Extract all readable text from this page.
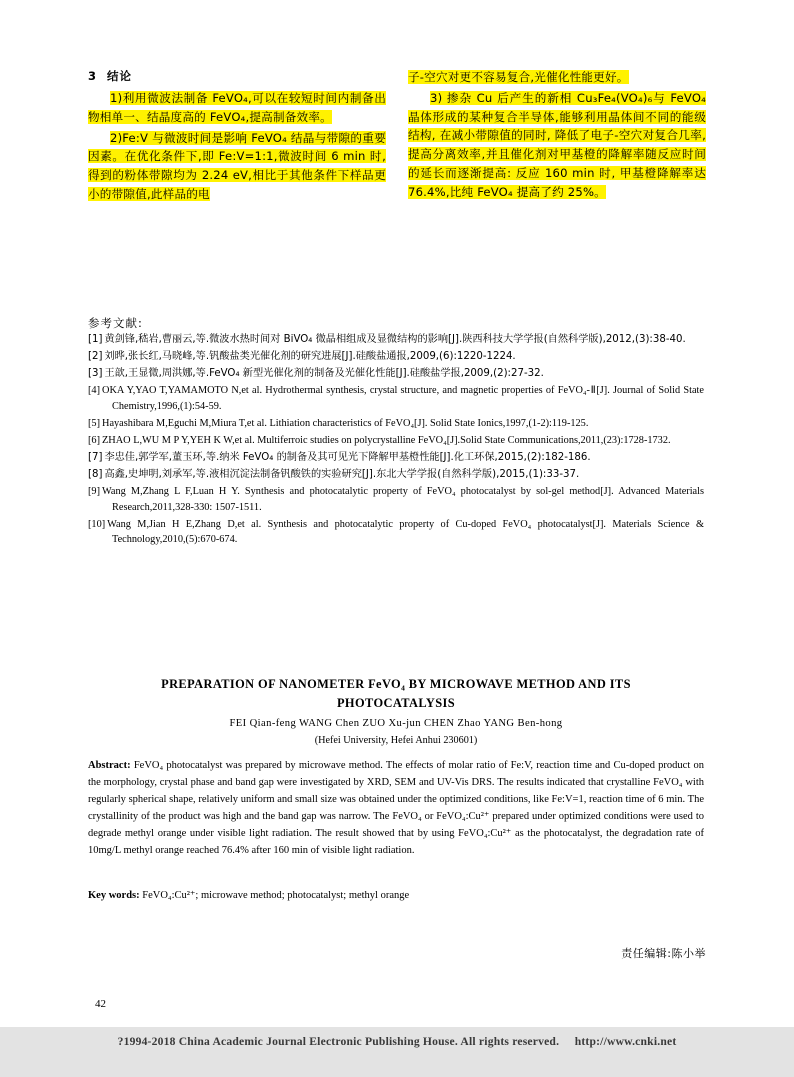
3 结论

1)利用微波法制备 FeVO₄,可以在较短时间内制备出物相单一、结晶度高的 FeVO₄,提高制备效率。

2)Fe:V 与微波时间是影响 FeVO₄ 结晶与带隙的重要因素。在优化条件下,即 Fe:V=1:1,微波时间 6 min 时,得到的粉体带隙均为 2.24 eV,相比于其他条件下样品更小的带隙值,此样品的电

子-空穴对更不容易复合,光催化性能更好。

3) 掺杂 Cu 后产生的新相 Cu₃Fe₄(VO₄)₆与 FeVO₄ 晶体形成的某种复合半导体,能够利用晶体间不同的能级结构, 在减小带隙值的同时, 降低了电子-空穴对复合几率,提高分离效率,并且催化剂对甲基橙的降解率随反应时间的延长而逐渐提高: 反应 160 min 时, 甲基橙降解率达 76.4%,比纯 FeVO₄ 提高了约 25%。

参考文献:
[1] 黄剑锋,嵇岩,曹丽云,等.微波水热时间对 BiVO₄ 微晶相组成及显微结构的影响[J].陕西科技大学学报(自然科学版),2012,(3):38-40.
[2] 刘晔,张长红,马晓峰,等.钒酸盐类光催化剂的研究进展[J].硅酸盐通报,2009,(6):1220-1224.
[3] 王歆,王显微,周洪娜,等.FeVO₄ 新型光催化剂的制备及光催化性能[J].硅酸盐学报,2009,(2):27-32.
[4] OKA Y,YAO T,YAMAMOTO N,et al. Hydrothermal synthesis, crystal structure, and magnetic properties of FeVO₄-Ⅱ[J]. Journal of Solid State Chemistry,1996,(1):54-59.
[5] Hayashibara M,Eguchi M,Miura T,et al. Lithiation characteristics of FeVO₄[J]. Solid State Ionics,1997,(1-2):119-125.
[6] ZHAO L,WU M P Y,YEH K W,et al. Multiferroic studies on polycrystalline FeVO₄[J].Solid State Communications,2011,(23):1728-1732.
[7] 李忠佳,郭学军,董玉环,等.纳米 FeVO₄ 的制备及其可见光下降解甲基橙性能[J].化工环保,2015,(2):182-186.
[8] 高鑫,史坤明,刘承军,等.液相沉淀法制备钒酸铁的实验研究[J].东北大学学报(自然科学版),2015,(1):33-37.
[9] Wang M,Zhang L F,Luan H Y. Synthesis and photocatalytic property of FeVO₄ photocatalyst by sol-gel method[J]. Advanced Materials Research,2011,328-330: 1507-1511.
[10] Wang M,Jian H E,Zhang D,et al. Synthesis and photocatalytic property of Cu-doped FeVO₄ photocatalyst[J]. Materials Science & Technology,2010,(5):670-674.
PREPARATION OF NANOMETER FeVO₄ BY MICROWAVE METHOD AND ITS
PHOTOCATALYSIS
FEI Qian-feng WANG Chen ZUO Xu-jun CHEN Zhao YANG Ben-hong
(Hefei University, Hefei Anhui 230601)
Abstract: FeVO₄ photocatalyst was prepared by microwave method. The effects of molar ratio of Fe:V, reaction time and Cu-doped product on the morphology, crystal phase and band gap were investigated by XRD, SEM and UV-Vis DRS. The results indicated that crystalline FeVO₄ with regularly spherical shape, relatively uniform and small size was obtained under the optimized conditions, like Fe:V=1, reaction time of 6 min. The crystallinity of the product was high and the band gap was narrow. The FeVO₄ or FeVO₄:Cu²⁺ prepared under optimized conditions were used to degrade methyl orange under visible light radiation. The result showed that by using FeVO₄:Cu²⁺ as the photocatalyst, the degradation rate of 10mg/L methyl orange reached 76.4% after 160 min of visible light radiation.
Key words: FeVO₄:Cu²⁺; microwave method; photocatalyst; methyl orange
责任编辑:陈小举
42
?1994-2018 China Academic Journal Electronic Publishing House. All rights reserved. http://www.cnki.net
